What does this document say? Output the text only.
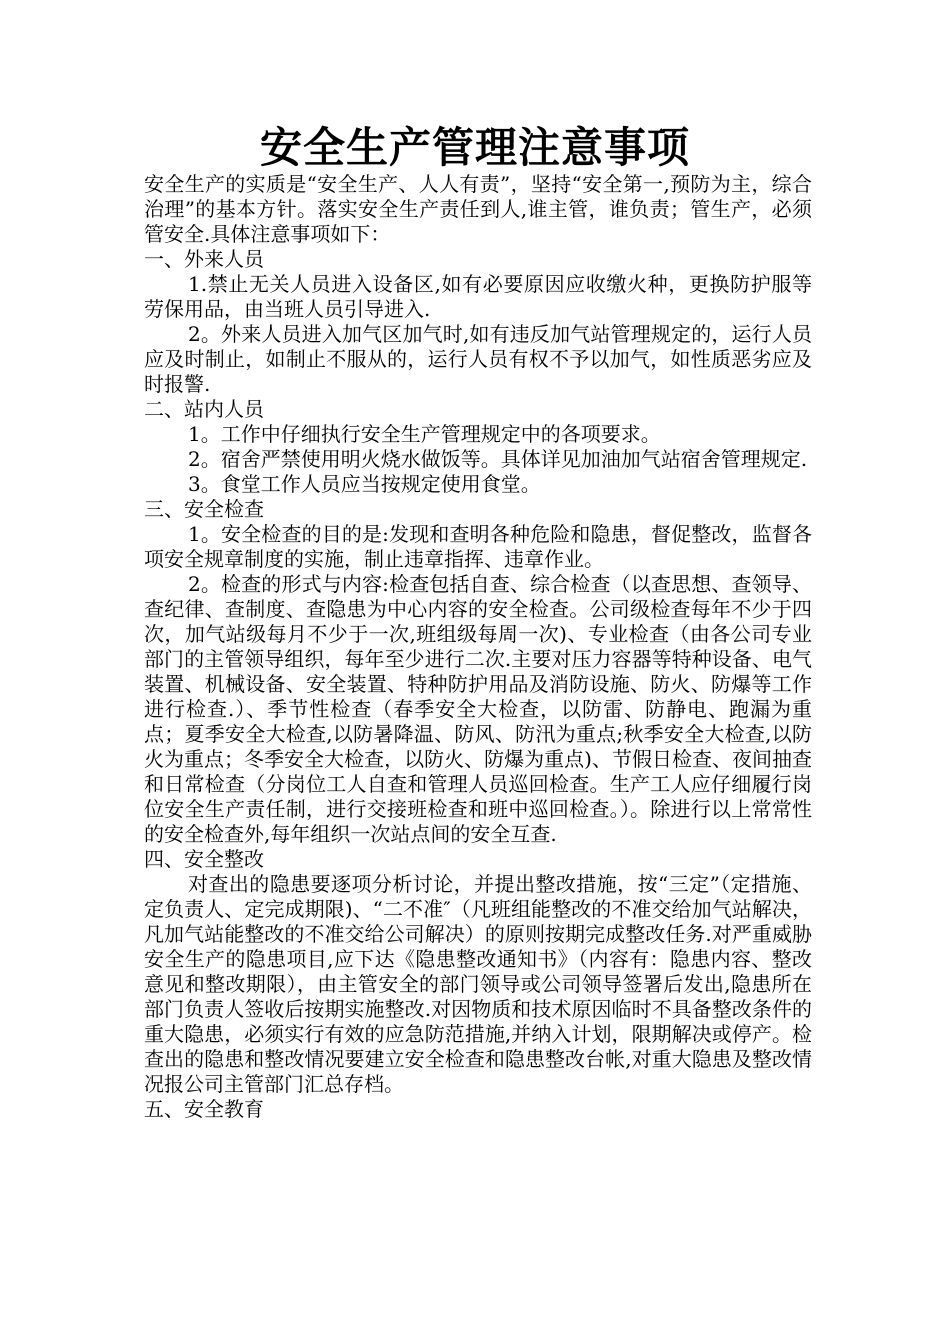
安全生产管理注意事项

安全生产的实质是“安全生产、人人有责”，坚持“安全第一,预防为主，综合治理”的基本方针。落实安全生产责任到人,谁主管，谁负责；管生产，必须管安全.具体注意事项如下：

一、外来人员

1.禁止无关人员进入设备区,如有必要原因应收缴火种，更换防护服等劳保用品，由当班人员引导进入.

2。外来人员进入加气区加气时,如有违反加气站管理规定的，运行人员应及时制止，如制止不服从的，运行人员有权不予以加气，如性质恶劣应及时报警.

二、站内人员

1。工作中仔细执行安全生产管理规定中的各项要求。

2。宿舍严禁使用明火烧水做饭等。具体详见加油加气站宿舍管理规定.

3。食堂工作人员应当按规定使用食堂。

三、安全检查

1。安全检查的目的是:发现和查明各种危险和隐患，督促整改，监督各项安全规章制度的实施，制止违章指挥、违章作业。

2。检查的形式与内容:检查包括自查、综合检查（以查思想、查领导、查纪律、查制度、查隐患为中心内容的安全检查。公司级检查每年不少于四次，加气站级每月不少于一次,班组级每周一次)、专业检查（由各公司专业部门的主管领导组织，每年至少进行二次.主要对压力容器等特种设备、电气装置、机械设备、安全装置、特种防护用品及消防设施、防火、防爆等工作进行检查.）、季节性检查（春季安全大检查，以防雷、防静电、跑漏为重点；夏季安全大检查,以防暑降温、防风、防汛为重点;秋季安全大检查,以防火为重点；冬季安全大检查，以防火、防爆为重点)、节假日检查、夜间抽查和日常检查（分岗位工人自查和管理人员巡回检查。生产工人应仔细履行岗位安全生产责任制，进行交接班检查和班中巡回检查。）。除进行以上常常性的安全检查外,每年组织一次站点间的安全互查.

四、安全整改

对查出的隐患要逐项分析讨论，并提出整改措施，按“三定”（定措施、定负责人、定完成期限)、“二不准″（凡班组能整改的不准交给加气站解决，凡加气站能整改的不准交给公司解决）的原则按期完成整改任务.对严重威胁安全生产的隐患项目,应下达《隐患整改通知书》（内容有：隐患内容、整改意见和整改期限），由主管安全的部门领导或公司领导签署后发出,隐患所在部门负责人签收后按期实施整改.对因物质和技术原因临时不具备整改条件的重大隐患，必须实行有效的应急防范措施,并纳入计划，限期解决或停产。检查出的隐患和整改情况要建立安全检查和隐患整改台帐,对重大隐患及整改情况报公司主管部门汇总存档。

五、安全教育
